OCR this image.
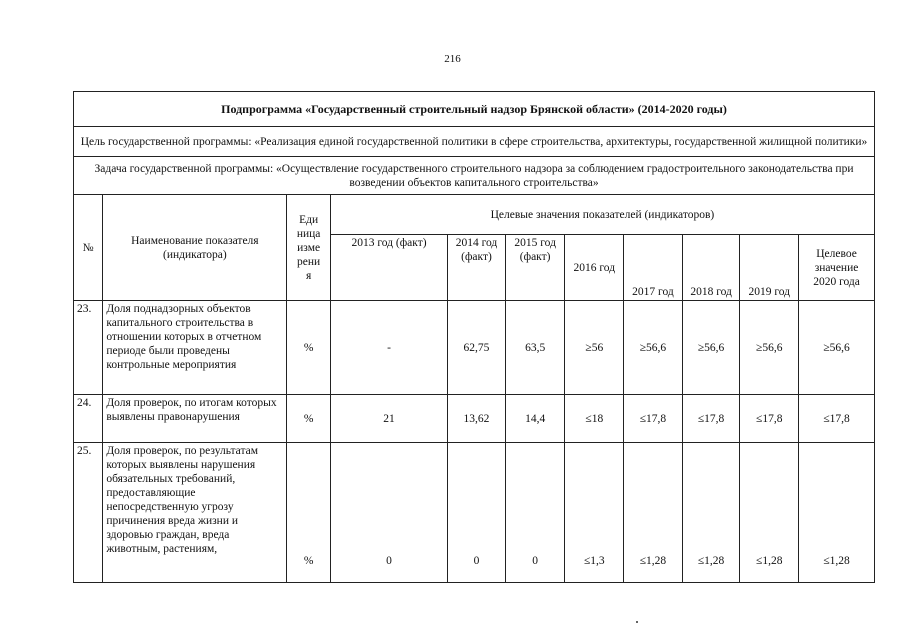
216
Подпрограмма «Государственный строительный надзор Брянской области» (2014-2020 годы)										
Цель государственной программы: «Реализация единой государственной политики в сфере строительства, архитектуры, государственной жилищной политики»										
Задача государственной программы: «Осуществление государственного строительного надзора за соблюдением градостроительного законодательства при возведении объектов капитального строительства»										
№	Наименование показателя (индикатора)	Еди
ница
изме
рени
я	Целевые значения показателей (индикаторов)							
			2013 год (факт)	2014 год (факт)	2015 год (факт)	2016 год	2017 год	2018 год	2019 год	Целевое значение 2020 года
23.	Доля поднадзорных объектов капитального строительства в отношении которых в отчетном периоде были проведены контрольные мероприятия	%	-	62,75	63,5	≥56	≥56,6	≥56,6	≥56,6	≥56,6
24.	Доля проверок, по итогам которых выявлены правонарушения	%	21	13,62	14,4	≤18	≤17,8	≤17,8	≤17,8	≤17,8
25.	Доля проверок, по результатам которых выявлены нарушения обязательных требований, предоставляющие непосредственную угрозу причинения вреда жизни и здоровью граждан, вреда животным, растениям,	%	0	0	0	≤1,3	≤1,28	≤1,28	≤1,28	≤1,28
